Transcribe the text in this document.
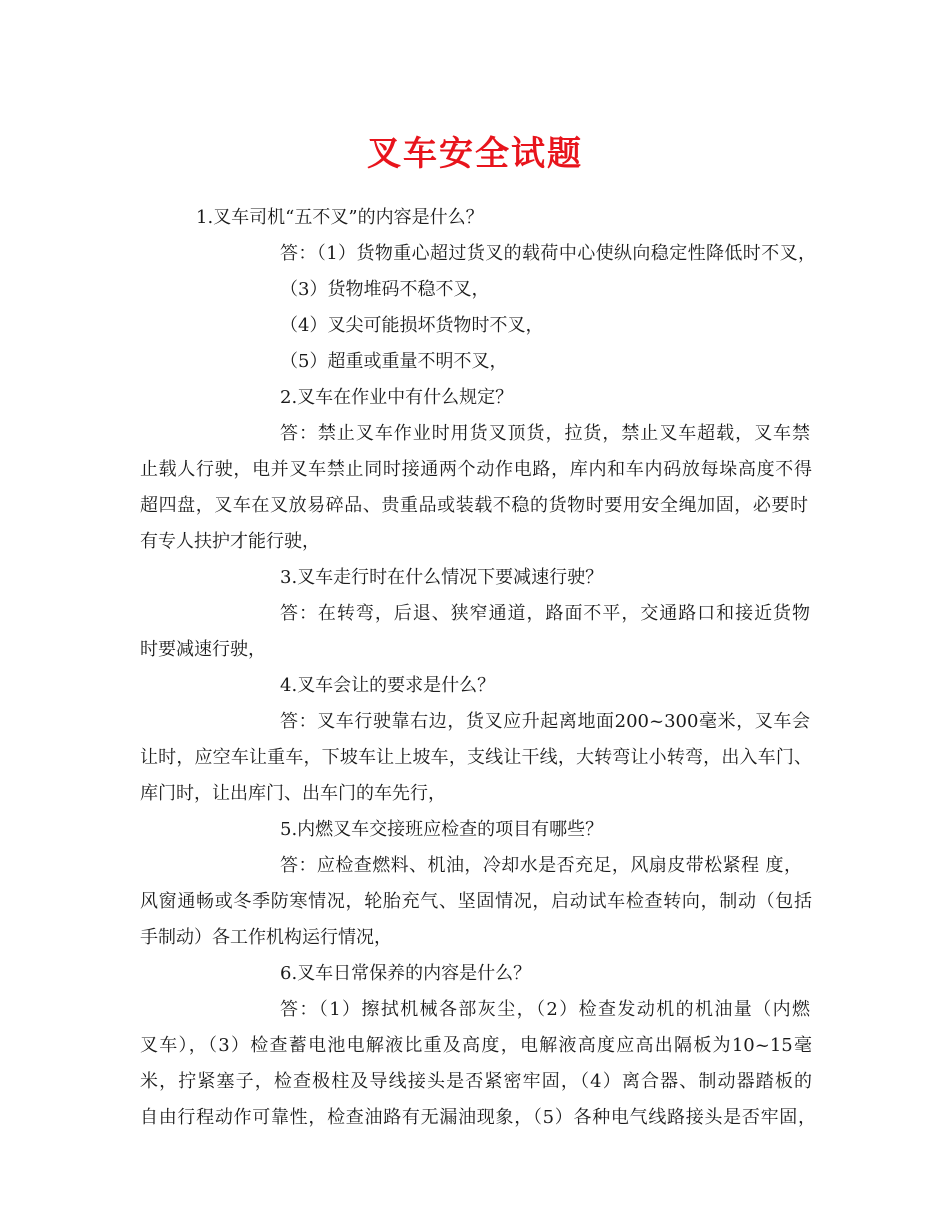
叉车安全试题
1.叉车司机“五不叉”的内容是什么？
答：（1）货物重心超过货叉的载荷中心使纵向稳定性降低时不叉，
（3）货物堆码不稳不叉，
（4）叉尖可能损坏货物时不叉，
（5）超重或重量不明不叉，
2.叉车在作业中有什么规定？
答：禁止叉车作业时用货叉顶货，拉货，禁止叉车超载，叉车禁
止载人行驶，电并叉车禁止同时接通两个动作电路，库内和车内码放每垛高度不得
超四盘，叉车在叉放易碎品、贵重品或装载不稳的货物时要用安全绳加固，必要时
有专人扶护才能行驶，
3.叉车走行时在什么情况下要减速行驶？
答：在转弯，后退、狭窄通道，路面不平，交通路口和接近货物
时要减速行驶，
4.叉车会让的要求是什么？
答：叉车行驶靠右边，货叉应升起离地面200~300毫米，叉车会
让时，应空车让重车，下坡车让上坡车，支线让干线，大转弯让小转弯，出入车门、
库门时，让出库门、出车门的车先行，
5.内燃叉车交接班应检查的项目有哪些？
答：应检查燃料、机油，冷却水是否充足，风扇皮带松紧程 度，
风窗通畅或冬季防寒情况，轮胎充气、坚固情况，启动试车检查转向，制动（包括
手制动）各工作机构运行情况，
6.叉车日常保养的内容是什么？
答：（1）擦拭机械各部灰尘，（2）检查发动机的机油量（内燃
叉车），（3）检查蓄电池电解液比重及高度，电解液高度应高出隔板为10~15毫
米，拧紧塞子，检查极柱及导线接头是否紧密牢固，（4）离合器、制动器踏板的
自由行程动作可靠性，检查油路有无漏油现象，（5）各种电气线路接头是否牢固，
